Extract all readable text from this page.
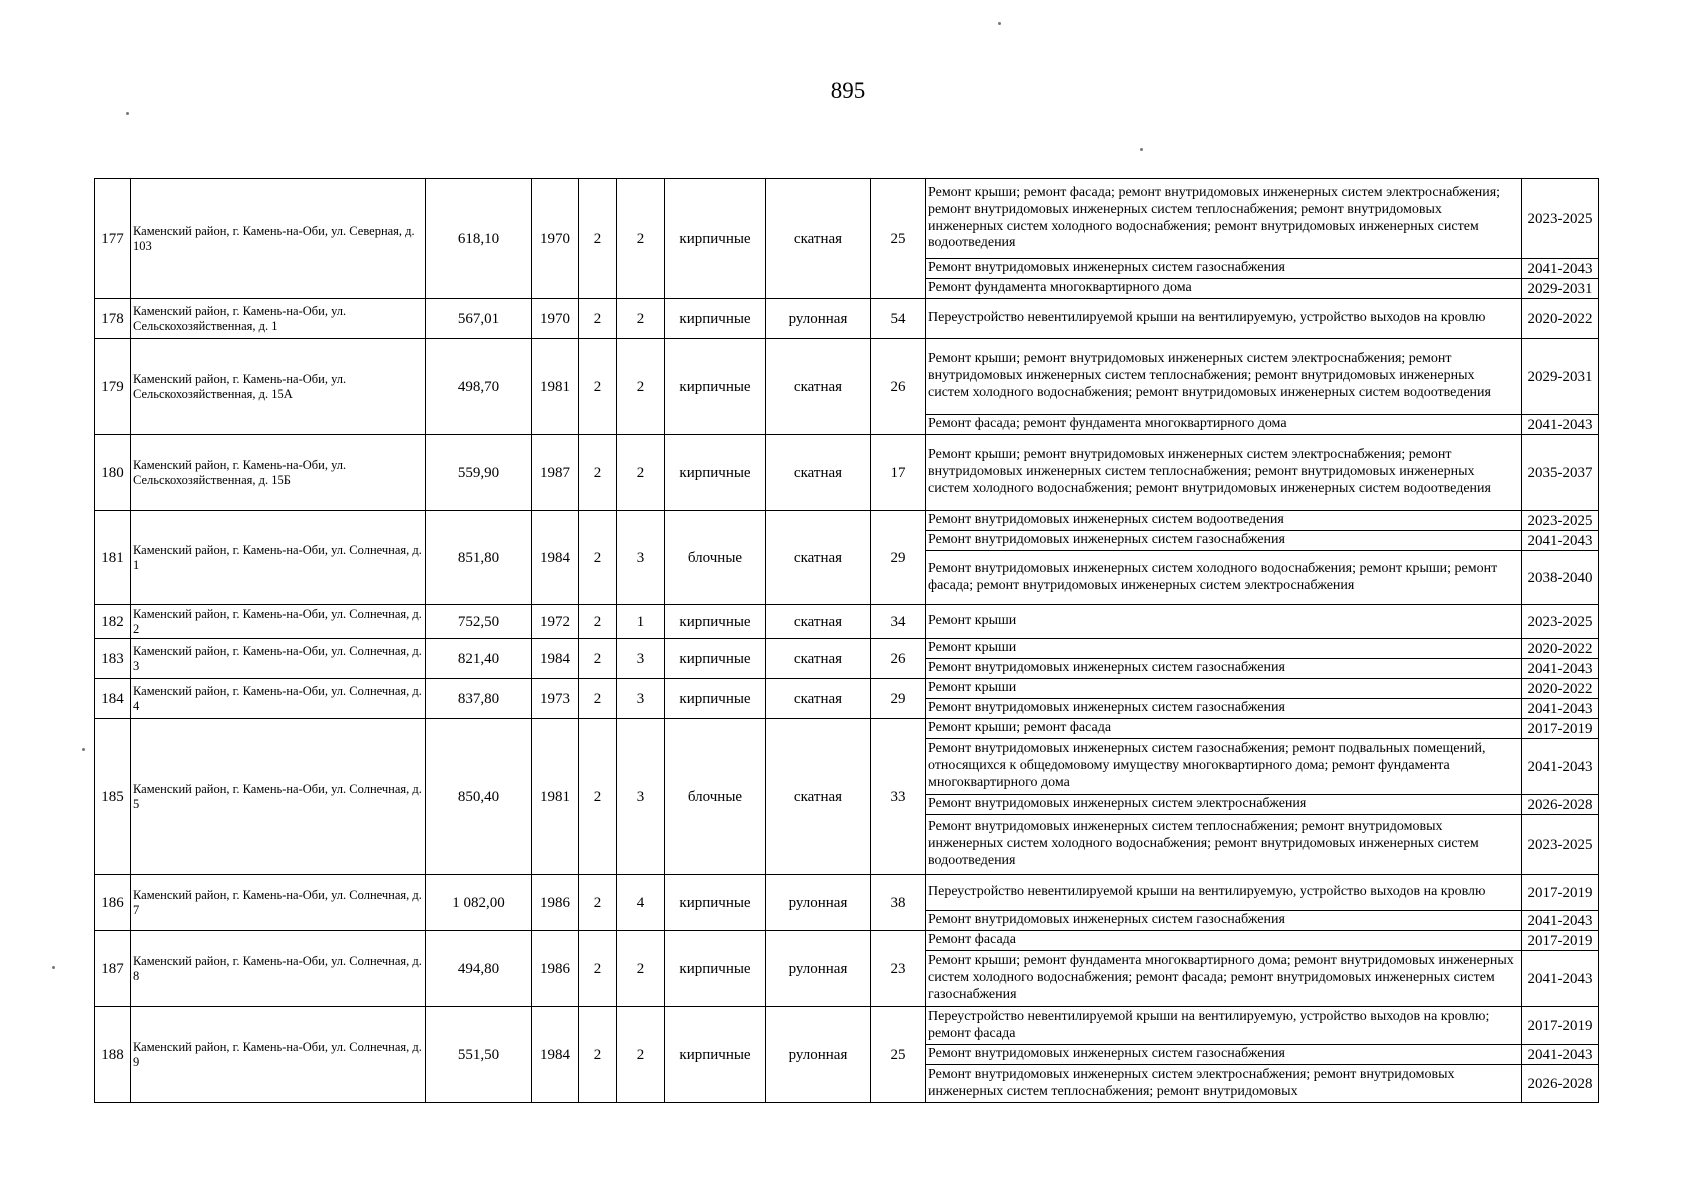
895
177	Каменский район, г. Камень-на-Оби, ул. Северная, д. 103	618,10	1970	2	2	кирпичные	скатная	25	Ремонт крыши; ремонт фасада; ремонт внутридомовых инженерных систем электроснабжения; ремонт внутридомовых инженерных систем теплоснабжения; ремонт внутридомовых инженерных систем холодного водоснабжения; ремонт внутридомовых инженерных систем водоотведения	2023-2025
									Ремонт внутридомовых инженерных систем газоснабжения	2041-2043
									Ремонт фундамента многоквартирного дома	2029-2031
178	Каменский район, г. Камень-на-Оби, ул. Сельскохозяйственная, д. 1	567,01	1970	2	2	кирпичные	рулонная	54	Переустройство невентилируемой крыши на вентилируемую, устройство выходов на кровлю	2020-2022
179	Каменский район, г. Камень-на-Оби, ул. Сельскохозяйственная, д. 15А	498,70	1981	2	2	кирпичные	скатная	26	Ремонт крыши; ремонт внутридомовых инженерных систем электроснабжения; ремонт внутридомовых инженерных систем теплоснабжения; ремонт внутридомовых инженерных систем холодного водоснабжения; ремонт внутридомовых инженерных систем водоотведения	2029-2031
									Ремонт фасада; ремонт фундамента многоквартирного дома	2041-2043
180	Каменский район, г. Камень-на-Оби, ул. Сельскохозяйственная, д. 15Б	559,90	1987	2	2	кирпичные	скатная	17	Ремонт крыши; ремонт внутридомовых инженерных систем электроснабжения; ремонт внутридомовых инженерных систем теплоснабжения; ремонт внутридомовых инженерных систем холодного водоснабжения; ремонт внутридомовых инженерных систем водоотведения	2035-2037
181	Каменский район, г. Камень-на-Оби, ул. Солнечная, д. 1	851,80	1984	2	3	блочные	скатная	29	Ремонт внутридомовых инженерных систем водоотведения	2023-2025
									Ремонт внутридомовых инженерных систем газоснабжения	2041-2043
									Ремонт внутридомовых инженерных систем холодного водоснабжения; ремонт крыши; ремонт фасада; ремонт внутридомовых инженерных систем электроснабжения	2038-2040
182	Каменский район, г. Камень-на-Оби, ул. Солнечная, д. 2	752,50	1972	2	1	кирпичные	скатная	34	Ремонт крыши	2023-2025
183	Каменский район, г. Камень-на-Оби, ул. Солнечная, д. 3	821,40	1984	2	3	кирпичные	скатная	26	Ремонт крыши	2020-2022
									Ремонт внутридомовых инженерных систем газоснабжения	2041-2043
184	Каменский район, г. Камень-на-Оби, ул. Солнечная, д. 4	837,80	1973	2	3	кирпичные	скатная	29	Ремонт крыши	2020-2022
									Ремонт внутридомовых инженерных систем газоснабжения	2041-2043
185	Каменский район, г. Камень-на-Оби, ул. Солнечная, д. 5	850,40	1981	2	3	блочные	скатная	33	Ремонт крыши; ремонт фасада	2017-2019
									Ремонт внутридомовых инженерных систем газоснабжения; ремонт подвальных помещений, относящихся к общедомовому имуществу многоквартирного дома; ремонт фундамента многоквартирного дома	2041-2043
									Ремонт внутридомовых инженерных систем электроснабжения	2026-2028
									Ремонт внутридомовых инженерных систем теплоснабжения; ремонт внутридомовых инженерных систем холодного водоснабжения; ремонт внутридомовых инженерных систем водоотведения	2023-2025
186	Каменский район, г. Камень-на-Оби, ул. Солнечная, д. 7	1 082,00	1986	2	4	кирпичные	рулонная	38	Переустройство невентилируемой крыши на вентилируемую, устройство выходов на кровлю	2017-2019
									Ремонт внутридомовых инженерных систем газоснабжения	2041-2043
187	Каменский район, г. Камень-на-Оби, ул. Солнечная, д. 8	494,80	1986	2	2	кирпичные	рулонная	23	Ремонт фасада	2017-2019
									Ремонт крыши; ремонт фундамента многоквартирного дома; ремонт внутридомовых инженерных систем холодного водоснабжения; ремонт фасада; ремонт внутридомовых инженерных систем газоснабжения	2041-2043
188	Каменский район, г. Камень-на-Оби, ул. Солнечная, д. 9	551,50	1984	2	2	кирпичные	рулонная	25	Переустройство невентилируемой крыши на вентилируемую, устройство выходов на кровлю; ремонт фасада	2017-2019
									Ремонт внутридомовых инженерных систем газоснабжения	2041-2043
									Ремонт внутридомовых инженерных систем электроснабжения; ремонт внутридомовых инженерных систем теплоснабжения; ремонт внутридомовых	2026-2028
